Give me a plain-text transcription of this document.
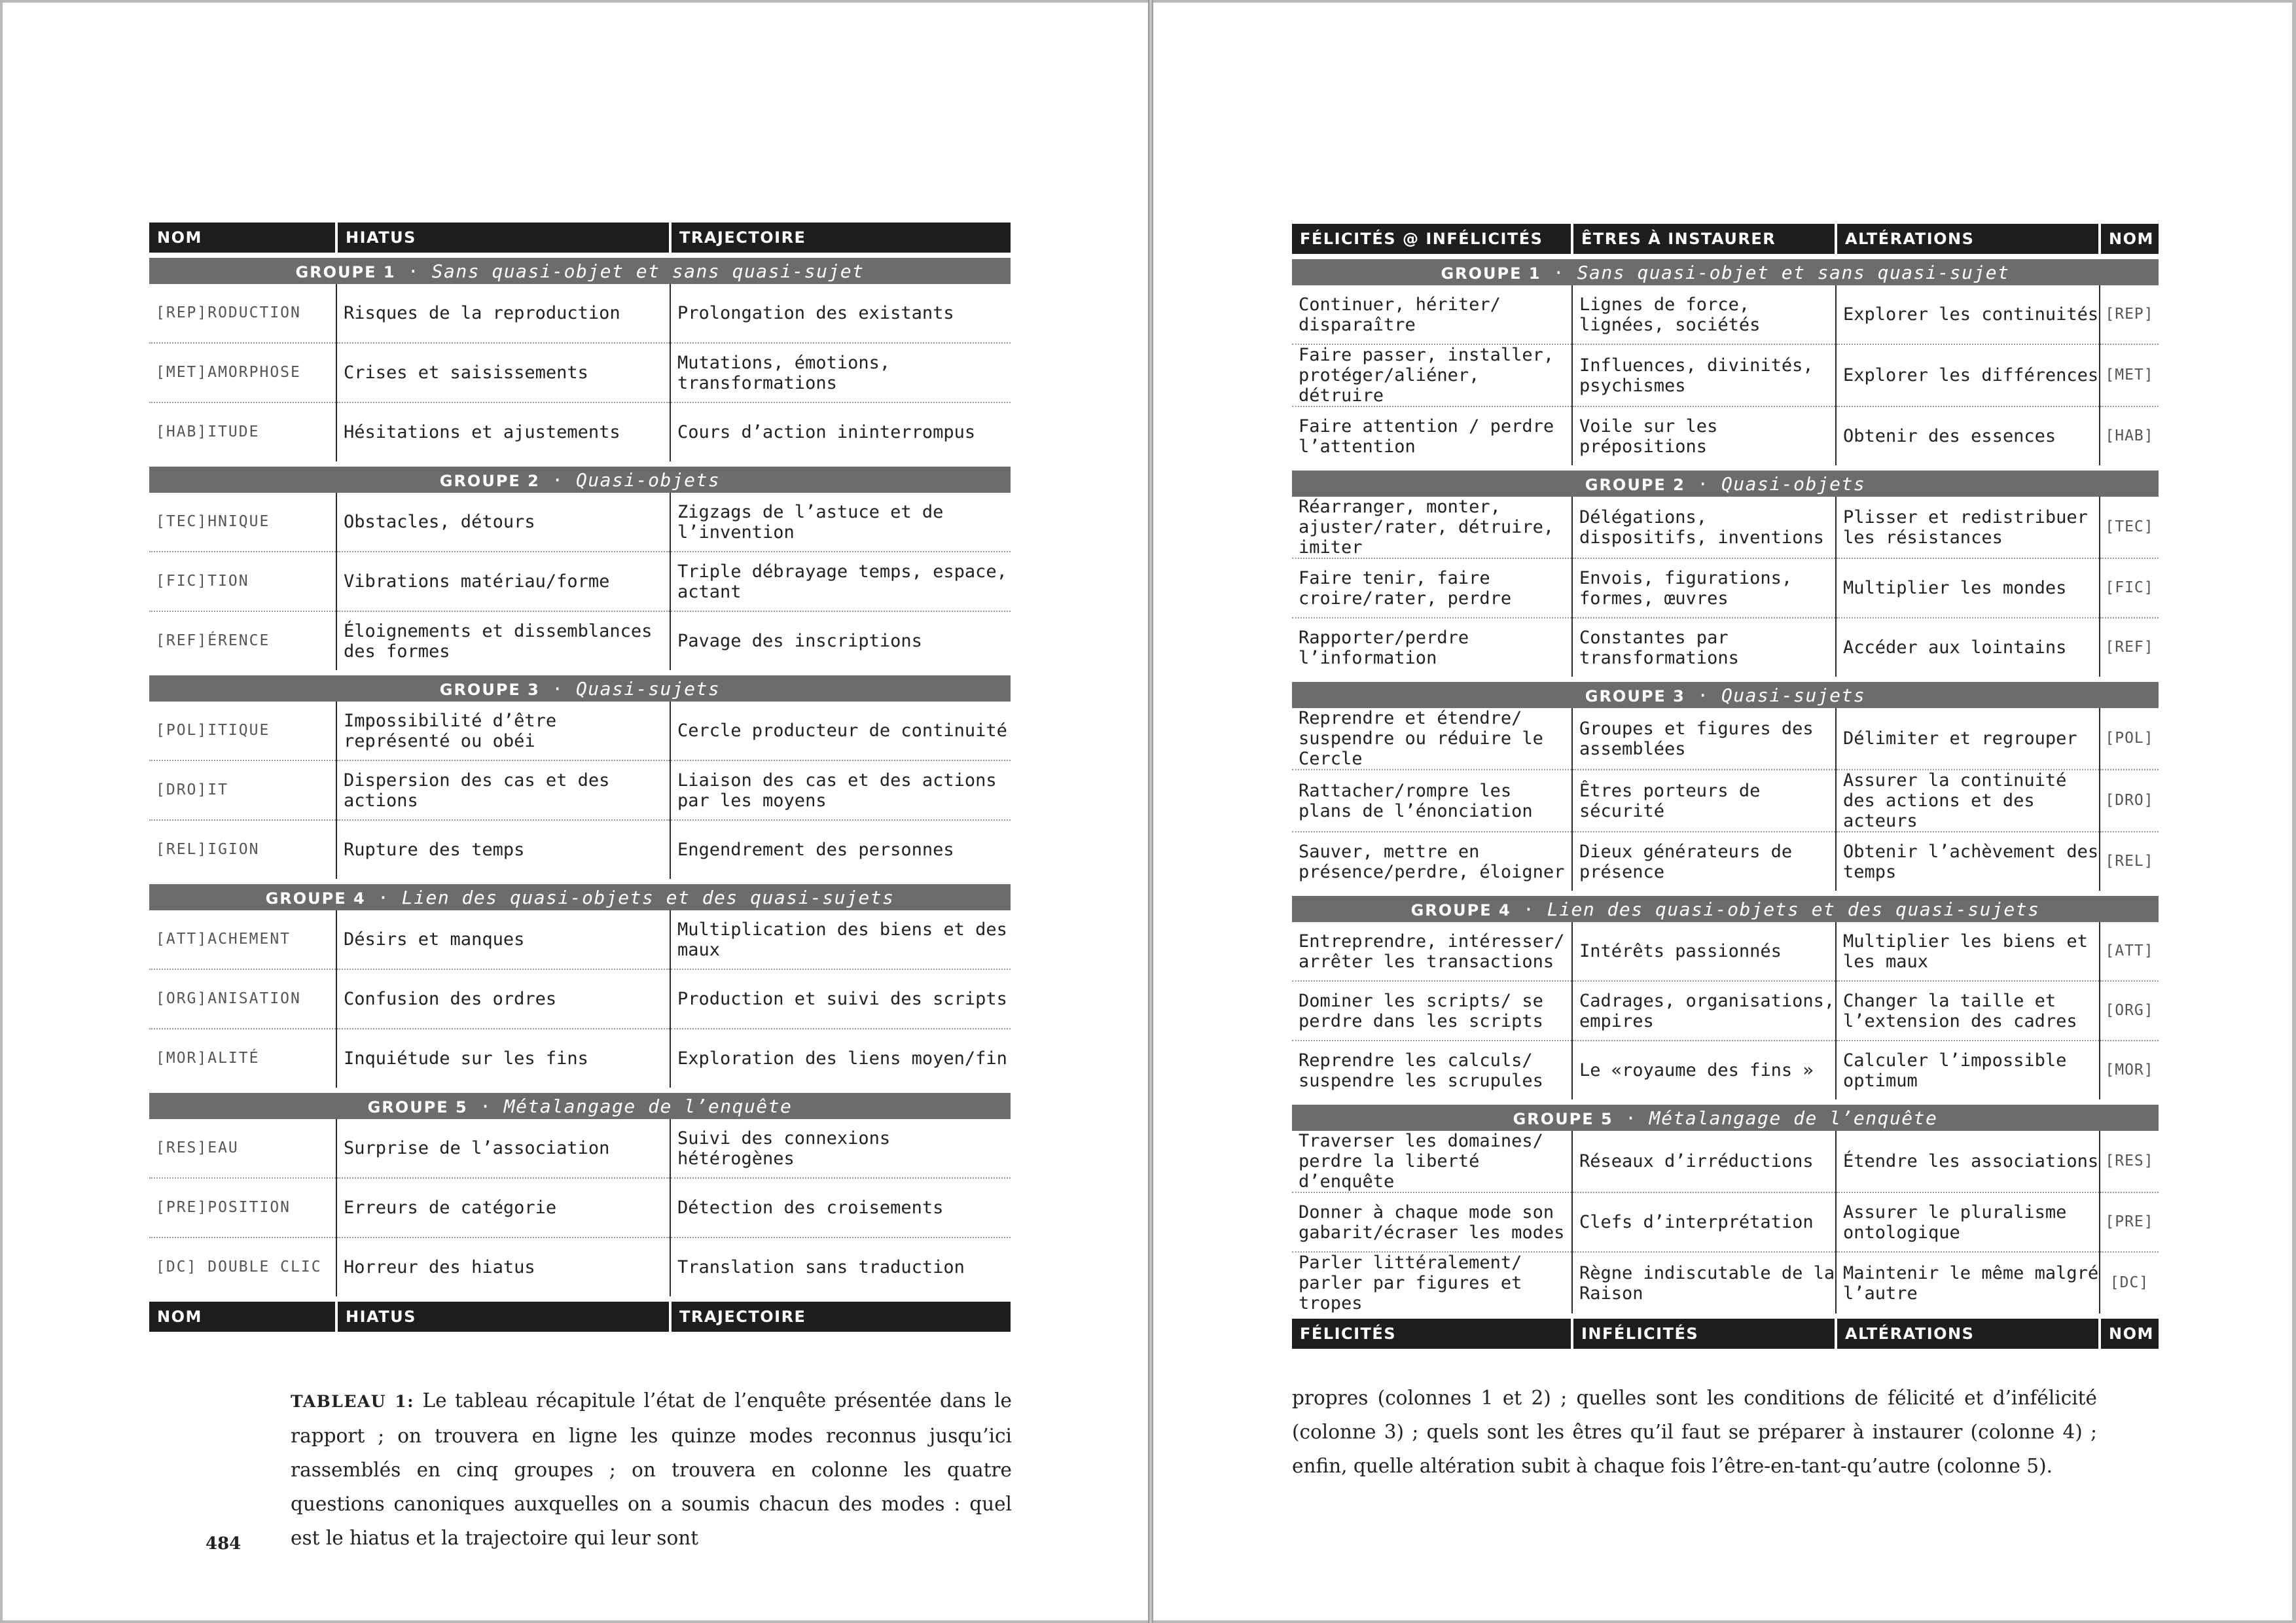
NOM	HIATUS	TRAJECTOIRE

GROUPE 1 · Sans quasi-objet et sans quasi-sujet		
[REP]RODUCTION	Risques de la reproduction	Prolongation des existants
[MET]AMORPHOSE	Crises et saisissements	Mutations, émotions, transformations
[HAB]ITUDE	Hésitations et ajustements	Cours d’action ininterrompus

GROUPE 2 · Quasi-objets		
[TEC]HNIQUE	Obstacles, détours	Zigzags de l’astuce et de l’invention
[FIC]TION	Vibrations matériau/forme	Triple débrayage temps, espace, actant
[REF]ÉRENCE	Éloignements et dissemblances des formes	Pavage des inscriptions

GROUPE 3 · Quasi-sujets		
[POL]ITIQUE	Impossibilité d’être représenté ou obéi	Cercle producteur de continuité
[DRO]IT	Dispersion des cas et des actions	Liaison des cas et des actions par les moyens
[REL]IGION	Rupture des temps	Engendrement des personnes

GROUPE 4 · Lien des quasi-objets et des quasi-sujets		
[ATT]ACHEMENT	Désirs et manques	Multiplication des biens et des maux
[ORG]ANISATION	Confusion des ordres	Production et suivi des scripts
[MOR]ALITÉ	Inquiétude sur les fins	Exploration des liens moyen/fin

GROUPE 5 · Métalangage de l’enquête		
[RES]EAU	Surprise de l’association	Suivi des connexions hétérogènes
[PRE]POSITION	Erreurs de catégorie	Détection des croisements
[DC] DOUBLE CLIC	Horreur des hiatus	Translation sans traduction

NOM	HIATUS	TRAJECTOIRE
TABLEAU 1: Le tableau récapitule l’état de l’enquête présentée dans le rapport ; on trouvera en ligne les quinze modes reconnus jusqu’ici rassemblés en cinq groupes ; on trouvera en colonne les quatre questions canoniques auxquelles on a soumis chacun des modes : quel est le hiatus et la trajectoire qui leur sont
484
FÉLICITÉS @ INFÉLICITÉS	ÊTRES À INSTAURER	ALTÉRATIONS	NOM

GROUPE 1 · Sans quasi-objet et sans quasi-sujet			
Continuer, hériter/ disparaître	Lignes de force, lignées, sociétés	Explorer les continuités	[REP]
Faire passer, installer, protéger/aliéner, détruire	Influences, divinités, psychismes	Explorer les différences	[MET]
Faire attention / perdre l’attention	Voile sur les prépositions	Obtenir des essences	[HAB]

GROUPE 2 · Quasi-objets			
Réarranger, monter, ajuster/rater, détruire, imiter	Délégations, dispositifs, inventions	Plisser et redistribuer les résistances	[TEC]
Faire tenir, faire croire/rater, perdre	Envois, figurations, formes, œuvres	Multiplier les mondes	[FIC]
Rapporter/perdre l’information	Constantes par transformations	Accéder aux lointains	[REF]

GROUPE 3 · Quasi-sujets			
Reprendre et étendre/ suspendre ou réduire le Cercle	Groupes et figures des assemblées	Délimiter et regrouper	[POL]
Rattacher/rompre les plans de l’énonciation	Êtres porteurs de sécurité	Assurer la continuité des actions et des acteurs	[DRO]
Sauver, mettre en présence/perdre, éloigner	Dieux générateurs de présence	Obtenir l’achèvement des temps	[REL]

GROUPE 4 · Lien des quasi-objets et des quasi-sujets			
Entreprendre, intéresser/ arrêter les transactions	Intérêts passionnés	Multiplier les biens et les maux	[ATT]
Dominer les scripts/ se perdre dans les scripts	Cadrages, organisations, empires	Changer la taille et l’extension des cadres	[ORG]
Reprendre les calculs/ suspendre les scrupules	Le «royaume des fins »	Calculer l’impossible optimum	[MOR]

GROUPE 5 · Métalangage de l’enquête			
Traverser les domaines/ perdre la liberté d’enquête	Réseaux d’irréductions	Étendre les associations	[RES]
Donner à chaque mode son gabarit/écraser les modes	Clefs d’interprétation	Assurer le pluralisme ontologique	[PRE]
Parler littéralement/ parler par figures et tropes	Règne indiscutable de la Raison	Maintenir le même malgré l’autre	[DC]

FÉLICITÉS	INFÉLICITÉS	ALTÉRATIONS	NOM
propres (colonnes 1 et 2) ; quelles sont les conditions de félicité et d’infélicité (colonne 3) ; quels sont les êtres qu’il faut se préparer à instaurer (colonne 4) ; enfin, quelle altération subit à chaque fois l’être-en-tant-qu’autre (colonne 5).
